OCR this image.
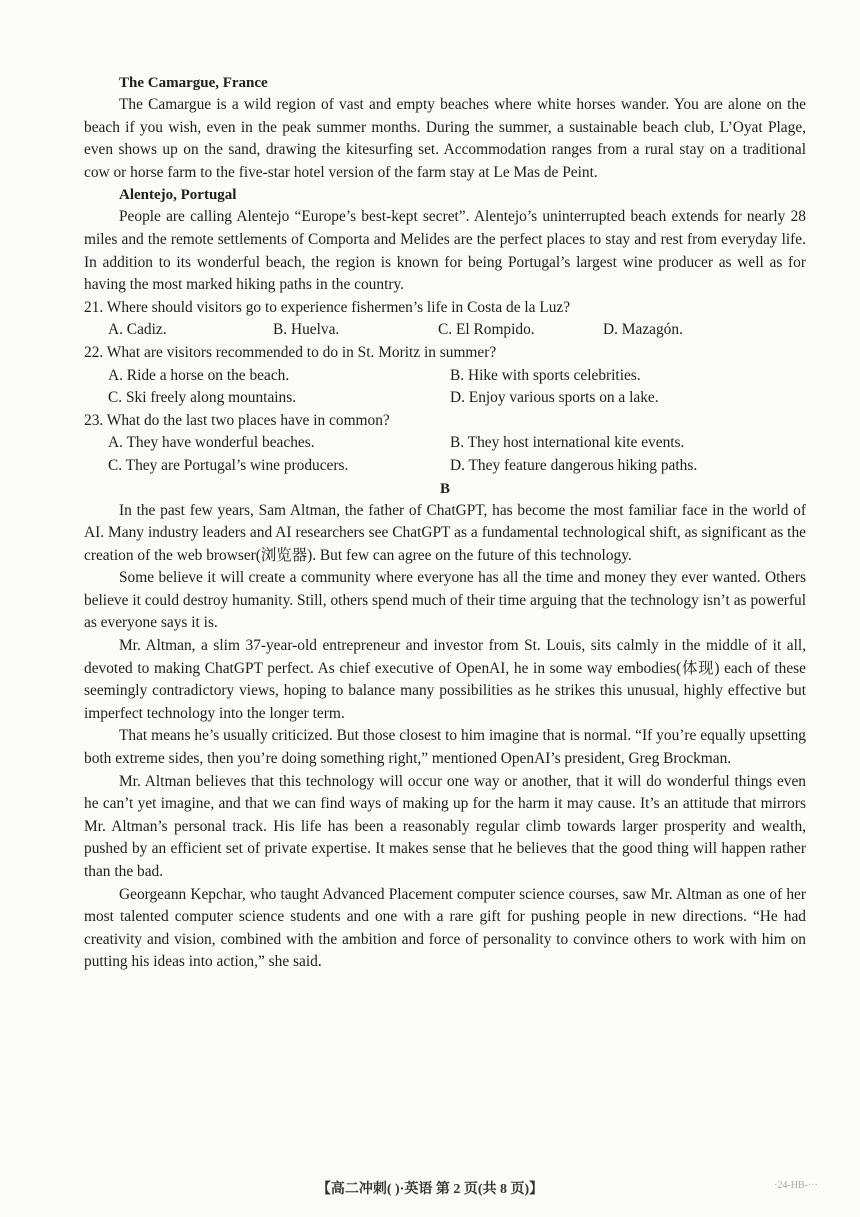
The Camargue, France

The Camargue is a wild region of vast and empty beaches where white horses wander. You are alone on the beach if you wish, even in the peak summer months. During the summer, a sustainable beach club, L’Oyat Plage, even shows up on the sand, drawing the kitesurfing set. Accommodation ranges from a rural stay on a traditional cow or horse farm to the five-star hotel version of the farm stay at Le Mas de Peint.

Alentejo, Portugal

People are calling Alentejo “Europe’s best-kept secret”. Alentejo’s uninterrupted beach extends for nearly 28 miles and the remote settlements of Comporta and Melides are the perfect places to stay and rest from everyday life. In addition to its wonderful beach, the region is known for being Portugal’s largest wine producer as well as for having the most marked hiking paths in the country.

21. Where should visitors go to experience fishermen’s life in Costa de la Luz?
A. Cadiz.	B. Huelva.	C. El Rompido.	D. Mazagón.
22. What are visitors recommended to do in St. Moritz in summer?
A. Ride a horse on the beach.	B. Hike with sports celebrities.
C. Ski freely along mountains.	D. Enjoy various sports on a lake.
23. What do the last two places have in common?
A. They have wonderful beaches.	B. They host international kite events.
C. They are Portugal’s wine producers.	D. They feature dangerous hiking paths.
B

In the past few years, Sam Altman, the father of ChatGPT, has become the most familiar face in the world of AI. Many industry leaders and AI researchers see ChatGPT as a fundamental technological shift, as significant as the creation of the web browser(浏览器). But few can agree on the future of this technology.

Some believe it will create a community where everyone has all the time and money they ever wanted. Others believe it could destroy humanity. Still, others spend much of their time arguing that the technology isn’t as powerful as everyone says it is.

Mr. Altman, a slim 37-year-old entrepreneur and investor from St. Louis, sits calmly in the middle of it all, devoted to making ChatGPT perfect. As chief executive of OpenAI, he in some way embodies(体现) each of these seemingly contradictory views, hoping to balance many possibilities as he strikes this unusual, highly effective but imperfect technology into the longer term.

That means he’s usually criticized. But those closest to him imagine that is normal. “If you’re equally upsetting both extreme sides, then you’re doing something right,” mentioned OpenAI’s president, Greg Brockman.

Mr. Altman believes that this technology will occur one way or another, that it will do wonderful things even he can’t yet imagine, and that we can find ways of making up for the harm it may cause. It’s an attitude that mirrors Mr. Altman’s personal track. His life has been a reasonably regular climb towards larger prosperity and wealth, pushed by an efficient set of private expertise. It makes sense that he believes that the good thing will happen rather than the bad.

Georgeann Kepchar, who taught Advanced Placement computer science courses, saw Mr. Altman as one of her most talented computer science students and one with a rare gift for pushing people in new directions. “He had creativity and vision, combined with the ambition and force of personality to convince others to work with him on putting his ideas into action,” she said.

【高二冲刺( )·英语 第 2 页(共 8 页)】	·24-HB-···
